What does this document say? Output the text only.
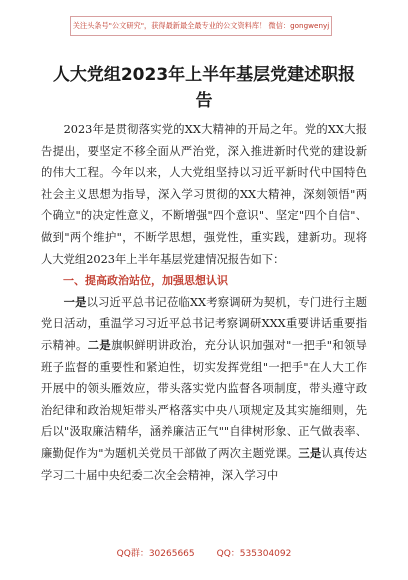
关注头条号"公文研究"，获得最新最全最专业的公文资料库！ 微信：gongwenyj
人大党组2023年上半年基层党建述职报
告

2023年是贯彻落实党的XX大精神的开局之年。党的XX大报告提出，要坚定不移全面从严治党，深入推进新时代党的建设新的伟大工程。今年以来，人大党组坚持以习近平新时代中国特色社会主义思想为指导，深入学习贯彻的XX大精神，深刻领悟"两个确立"的决定性意义，不断增强"四个意识"、坚定"四个自信"、做到"两个维护"，不断学思想，强党性，重实践，建新功。现将人大党组2023年上半年基层党建情况报告如下：

一、提高政治站位，加强思想认识

一是以习近平总书记莅临XX考察调研为契机，专门进行主题党日活动，重温学习习近平总书记考察调研XXX重要讲话重要指示精神。二是旗帜鲜明讲政治，充分认识加强对"一把手"和领导班子监督的重要性和紧迫性，切实发挥党组"一把手"在人大工作开展中的领头雁效应，带头落实党内监督各项制度，带头遵守政治纪律和政治规矩带头严格落实中央八项规定及其实施细则，先后以"汲取廉洁精华，涵养廉洁正气""自律树形象、正气做表率、廉勤促作为"为题机关党员干部做了两次主题党课。三是认真传达学习二十届中央纪委二次全会精神，深入学习中

QQ群：30265665 QQ：535304092
